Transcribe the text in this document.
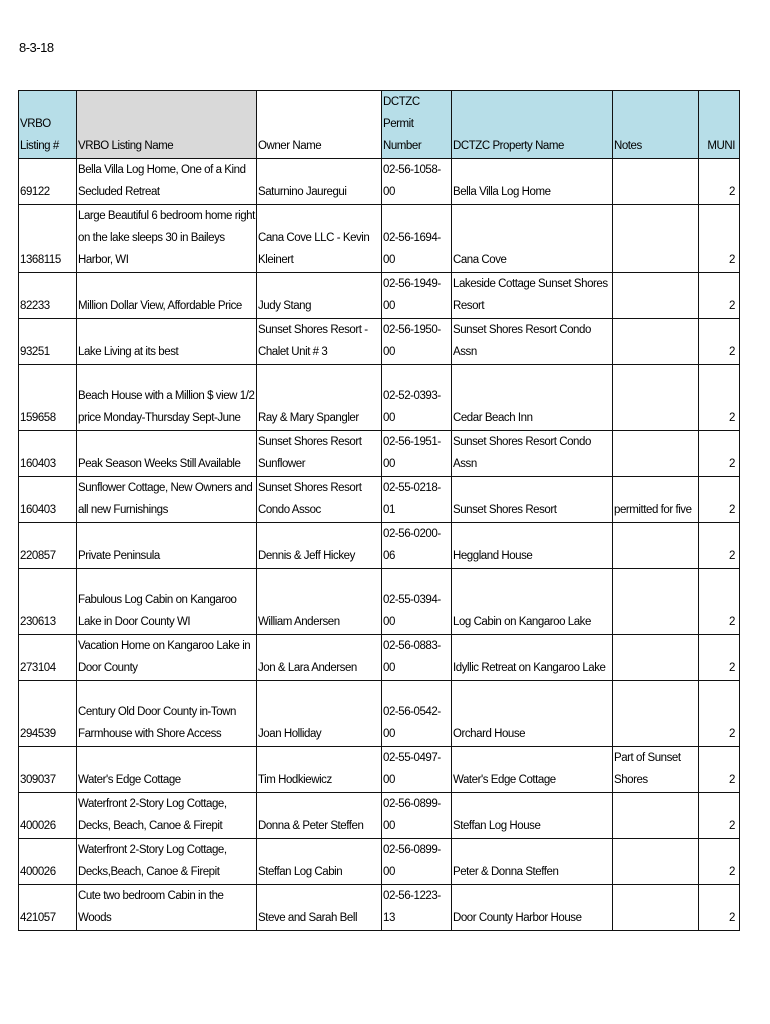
8-3-18
VRBO Listing #	VRBO Listing Name	Owner Name	DCTZC Permit Number	DCTZC Property Name	Notes	MUNI
69122	Bella Villa Log Home, One of a Kind Secluded Retreat	Saturnino Jauregui	02-56-1058-00	Bella Villa Log Home		2
1368115	Large Beautiful 6 bedroom home right on the lake sleeps 30 in Baileys Harbor, WI	Cana Cove LLC - Kevin Kleinert	02-56-1694-00	Cana Cove		2
82233	Million Dollar View, Affordable Price	Judy Stang	02-56-1949-00	Lakeside Cottage Sunset Shores Resort		2
93251	Lake Living at its best	Sunset Shores Resort - Chalet Unit # 3	02-56-1950-00	Sunset Shores Resort Condo Assn		2
159658	Beach House with a Million $ view 1/2 price Monday-Thursday Sept-June	Ray & Mary Spangler	02-52-0393-00	Cedar Beach Inn		2
160403	Peak Season Weeks Still Available	Sunset Shores Resort Sunflower	02-56-1951-00	Sunset Shores Resort Condo Assn		2
160403	Sunflower Cottage, New Owners and all new Furnishings	Sunset Shores Resort Condo Assoc	02-55-0218-01	Sunset Shores Resort	permitted for five	2
220857	Private Peninsula	Dennis & Jeff Hickey	02-56-0200-06	Heggland House		2
230613	Fabulous Log Cabin on Kangaroo Lake in Door County WI	William Andersen	02-55-0394-00	Log Cabin on Kangaroo Lake		2
273104	Vacation Home on Kangaroo Lake in Door County	Jon & Lara Andersen	02-56-0883-00	Idyllic Retreat on Kangaroo Lake		2
294539	Century Old Door County in-Town Farmhouse with Shore Access	Joan Holliday	02-56-0542-00	Orchard House		2
309037	Water's Edge Cottage	Tim Hodkiewicz	02-55-0497-00	Water's Edge Cottage	Part of Sunset Shores	2
400026	Waterfront 2-Story Log Cottage, Decks, Beach, Canoe & Firepit	Donna & Peter Steffen	02-56-0899-00	Steffan Log House		2
400026	Waterfront 2-Story Log Cottage, Decks,Beach, Canoe & Firepit	Steffan Log Cabin	02-56-0899-00	Peter & Donna Steffen		2
421057	Cute two bedroom Cabin in the Woods	Steve and Sarah Bell	02-56-1223-13	Door County Harbor House		2
